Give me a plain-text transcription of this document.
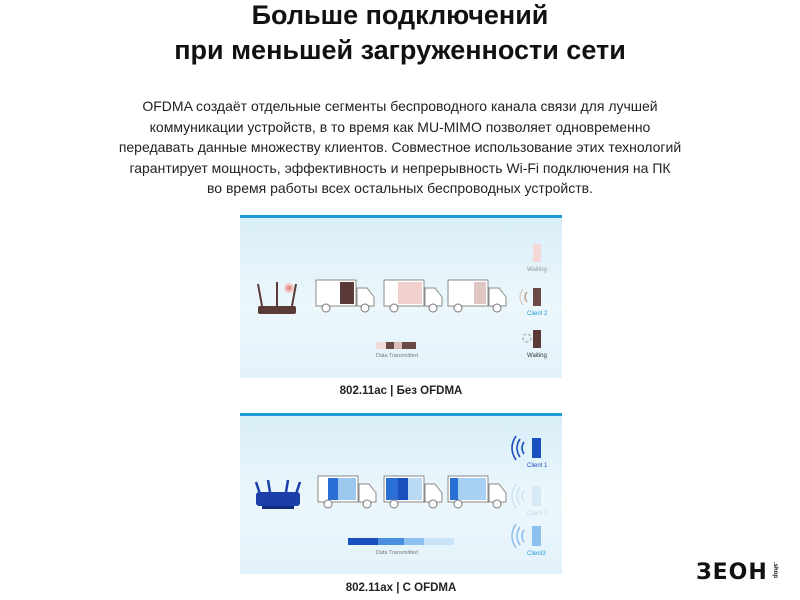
Больше подключений
при меньшей загруженности сети
OFDMA создаёт отдельные сегменты беспроводного канала связи для лучшей
коммуникации устройств, в то время как MU-MIMO позволяет одновременно
передавать данные множеству клиентов. Совместное использование этих технологий
гарантирует мощность, эффективность и непрерывность Wi-Fi подключения на ПК
во время работы всех остальных беспроводных устройств.
Data Transmitted
Waiting
Client 2
Waiting
802.11ac | Без OFDMA
Data Transmitted
Client 1
Client 2
Client3
802.11ax | С OFDMA
ЗЕОН .shop
